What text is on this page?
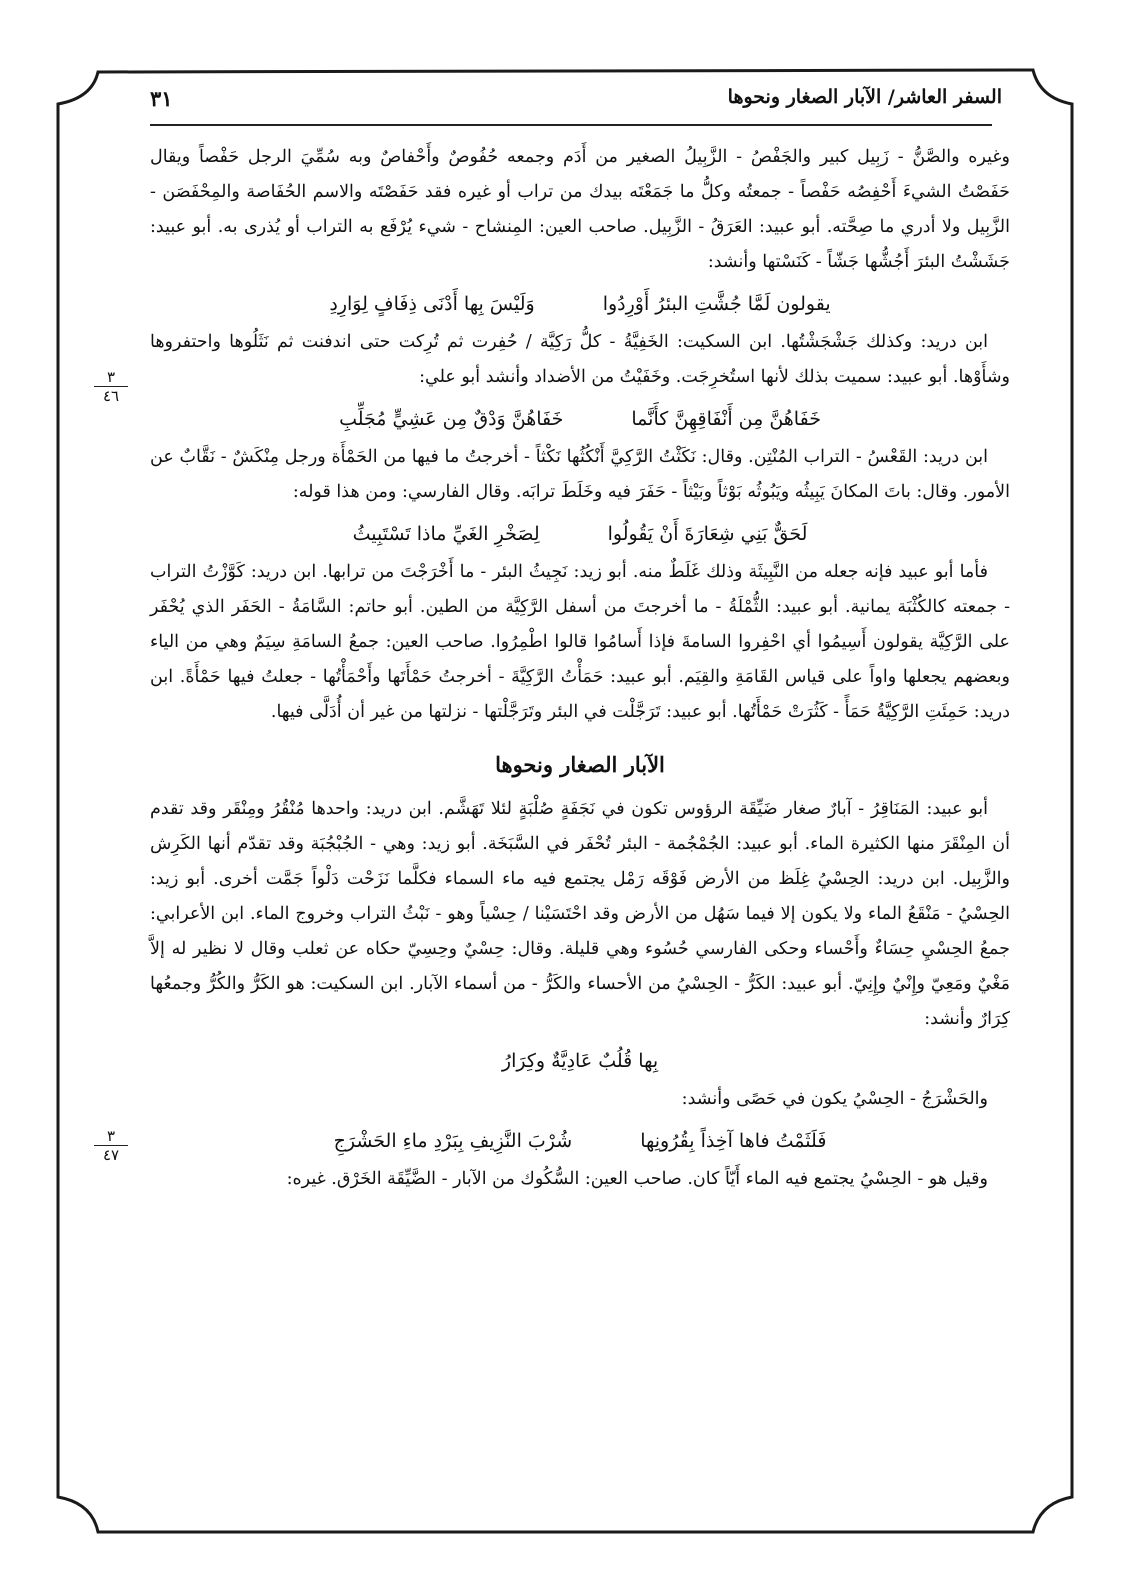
٣١	السفر العاشر/ الآبار الصغار ونحوها
٣
٤٦
٣
٤٧

وغيره والصَّنُّ - زَبِيل كبير والجَفْصُ - الزَّبِيلُ الصغير من أَدَم وجمعه حُفُوصٌ وأَحْفاصٌ وبه سُمِّيَ الرجل حَفْصاً ويقال حَفَصْتُ الشيءَ أَحْفِصُه حَفْصاً - جمعتُه وكلُّ ما جَمَعْتَه بيدك من تراب أو غيره فقد حَفَصْتَه والاسم الحُفَاصة والمِحْفَصَن - الزَّبِيل ولا أدري ما صِحَّته. أبو عبيد: العَرَقُ - الزَّبِيل. صاحب العين: المِنشاح - شيء يُرْفَع به التراب أو يُذرى به. أبو عبيد: جَشَشْتُ البئرَ أَجُشُّها جَشّاً - كَنَسْتها وأنشد:

يقولون لَمَّا جُشَّتِ البئرُ أَوْرِدُوا
وَلَيْسَ بِها أَدْنَى ذِفَافٍ لِوَارِدِ

ابن دريد: وكذلك جَشْجَشْتُها. ابن السكيت: الخَفِيَّةُ - كلُّ رَكِيَّة / حُفِرت ثم تُرِكت حتى اندفنت ثم نَثَلُوها واحتفروها وشأَوْها. أبو عبيد: سميت بذلك لأنها استُخرِجَت. وخَفَيْتُ من الأضداد وأنشد أبو علي:

خَفَاهُنَّ مِن أَنْفَاقِهِنَّ كأَنَّما
خَفَاهُنَّ وَدْقٌ مِن عَشِيٍّ مُجَلِّبِ

ابن دريد: القَعْسُ - التراب المُنْتِن. وقال: نَكَثْتُ الرَّكِيَّ أَنْكُثُها نَكْثاً - أخرجتُ ما فيها من الحَمْأَة ورجل مِنْكَشٌ - نَقَّابٌ عن الأمور. وقال: باتَ المكانَ يَبِيثُه ويَبُوثُه بَوْثاً وبَيْثاً - حَفَرَ فيه وخَلَطَ ترابَه. وقال الفارسي: ومن هذا قوله:

لَحَقٌّ بَنِي شِعَارَةَ أَنْ يَقُولُوا
لِصَخْرِ الغَيِّ ماذا تَسْتَبِيثُ

فأما أبو عبيد فإنه جعله من النَّبِيثَة وذلك غَلَطٌ منه. أبو زيد: نَجِيثُ البئر - ما أَخْرَجْتَ من ترابها. ابن دريد: كَوَّزْتُ التراب - جمعته كالكُثْبَة يمانية. أبو عبيد: الثُّمْلَةُ - ما أخرجتَ من أسفل الرَّكِيَّة من الطين. أبو حاتم: السَّامَةُ - الحَفَر الذي يُحْفَر على الرَّكِيَّة يقولون أَسِيمُوا أي احْفِروا السامةَ فإذا أَسامُوا قالوا اطْمِرُوا. صاحب العين: جمعُ السامَةِ سِيَمٌ وهي من الياء وبعضهم يجعلها واواً على قياس القَامَةِ والقِيَم. أبو عبيد: حَمَأْتُ الرَّكِيَّةَ - أخرجتُ حَمْأَتَها وأَحْمَأْتُها - جعلتُ فيها حَمْأَةً. ابن دريد: حَمِئَتِ الرَّكِيَّةُ حَمَأً - كَثُرَتْ حَمْأَتُها. أبو عبيد: تَرَجَّلْت في البئر وتَرَجَّلْتها - نزلتها من غير أن أُدَلَّى فيها.

الآبار الصغار ونحوها

أبو عبيد: المَنَاقِرُ - آبارٌ صغار ضَيِّقَة الرؤوس تكون في نَجَفَةٍ صُلْبَةٍ لئلا تَهَشَّم. ابن دريد: واحدها مُنْقُرُ ومِنْقَر وقد تقدم أن المِنْقَرَ منها الكثيرة الماء. أبو عبيد: الجُمْجُمة - البئر تُحْفَر في السَّبَخَة. أبو زيد: وهي - الجُبْجُبَة وقد تقدّم أنها الكَرِش والزَّبِيل. ابن دريد: الحِسْيُ غِلَظ من الأرض فَوْقَه رَمْل يجتمع فيه ماء السماء فكلَّما نَزَحْت دَلْواً جَمَّت أخرى. أبو زيد: الحِسْيُ - مَنْقَعُ الماء ولا يكون إلا فيما سَهُل من الأرض وقد احْتَسَيْنا / حِسْياً وهو - نَبْثُ التراب وخروج الماء. ابن الأعرابي: جمعُ الحِسْيِ حِسَاءٌ وأَحْساء وحكى الفارسي حُسُوء وهي قليلة. وقال: حِسْيٌ وحِسِيّ حكاه عن ثعلب وقال لا نظير له إلاَّ مَغْيٌ ومَعِيّ وإِنْيٌ وإِنِيّ. أبو عبيد: الكَرُّ - الحِسْيُ من الأحساء والكَرُّ - من أسماء الآبار. ابن السكيت: هو الكَرُّ والكُرُّ وجمعُها كِرَارٌ وأنشد:

بِها قُلُبٌ عَادِيَّةٌ وكِرَارُ

والحَشْرَجُ - الحِسْيُ يكون في حَصًى وأنشد:

فَلَثَمْتُ فاها آخِذاً بِقُرُونِها
شُرْبَ النَّزِيفِ بِبَرْدِ ماءِ الحَشْرَجِ

وقيل هو - الحِسْيُ يجتمع فيه الماء أَيّاً كان. صاحب العين: السُّكُوك من الآبار - الضَّيِّقَة الخَرْق. غيره:
